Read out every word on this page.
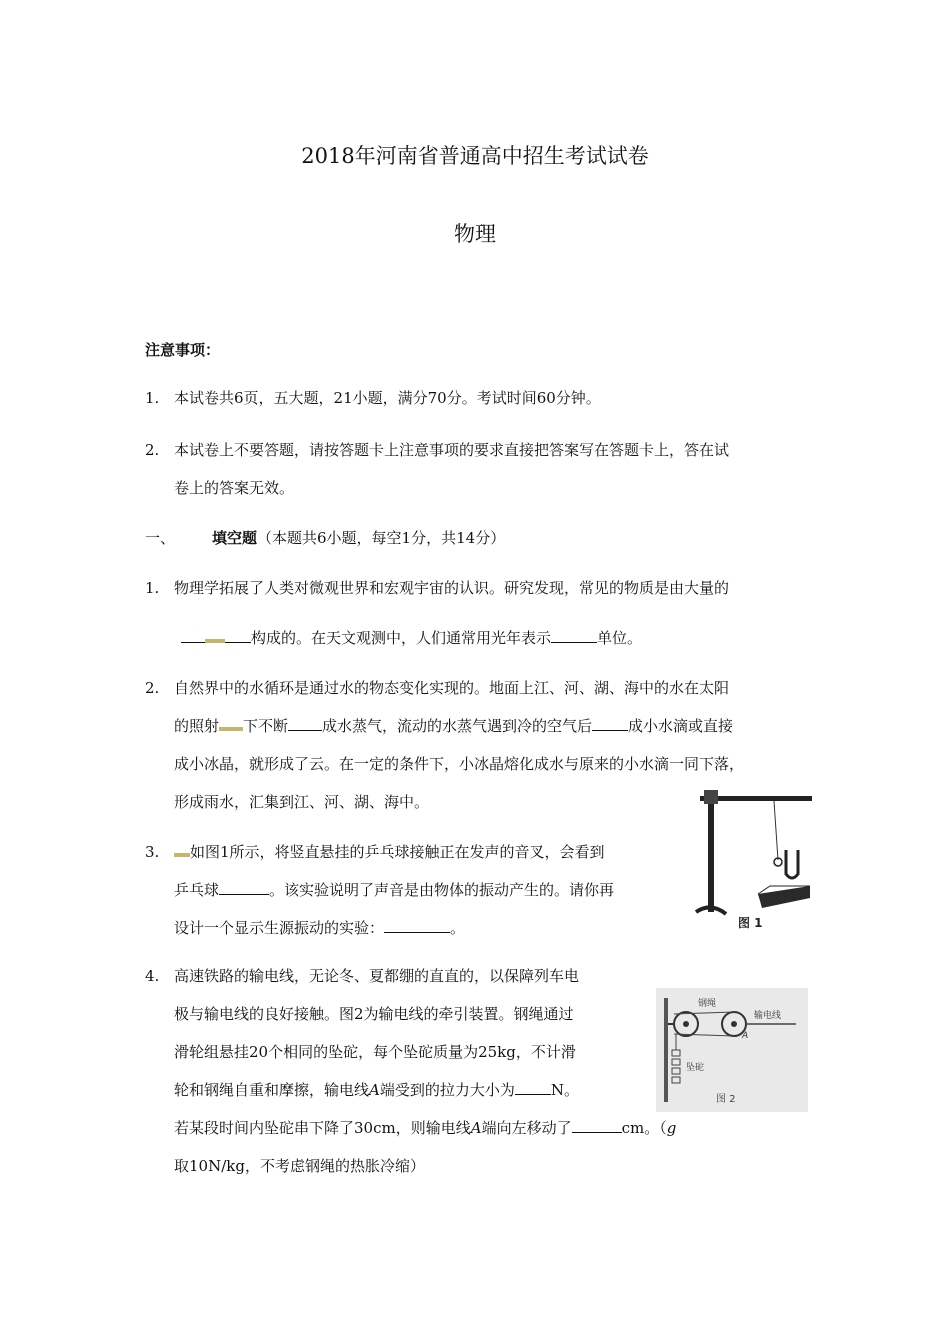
2018年河南省普通高中招生考试试卷
物理
注意事项：
1. 本试卷共6页，五大题，21小题，满分70分。考试时间60分钟。
2. 本试卷上不要答题，请按答题卡上注意事项的要求直接把答案写在答题卡上，答在试
卷上的答案无效。
一、 填空题（本题共6小题，每空1分，共14分）
1. 物理学拓展了人类对微观世界和宏观宇宙的认识。研究发现，常见的物质是由大量的
构成的。在天文观测中，人们通常用光年表示	单位。
2. 自然界中的水循环是通过水的物态变化实现的。地面上江、河、湖、海中的水在太阳
的照射 下不断 成水蒸气，流动的水蒸气遇到冷的空气后 成小水滴或直接
成小冰晶，就形成了云。在一定的条件下，小冰晶熔化成水与原来的小水滴一同下落，
形成雨水，汇集到江、河、湖、海中。
3.	如图1所示，将竖直悬挂的乒乓球接触正在发声的音叉，会看到
乒乓球	。该实验说明了声音是由物体的振动产生的。请你再
设计一个显示生源振动的实验：	。	图 1
4. 高速铁路的输电线，无论冬、夏都绷的直直的，以保障列车电
极与输电线的良好接触。图2为输电线的牵引装置。钢绳通过
滑轮组悬挂20个相同的坠砣，每个坠砣质量为25kg，不计滑
轮和钢绳自重和摩擦，输电线A端受到的拉力大小为 N。
若某段时间内坠砣串下降了30cm，则输电线A端向左移动了	cm。（g
取10N/kg，不考虑钢绳的热胀冷缩）
钢绳
输电线
A
坠砣
图 2
